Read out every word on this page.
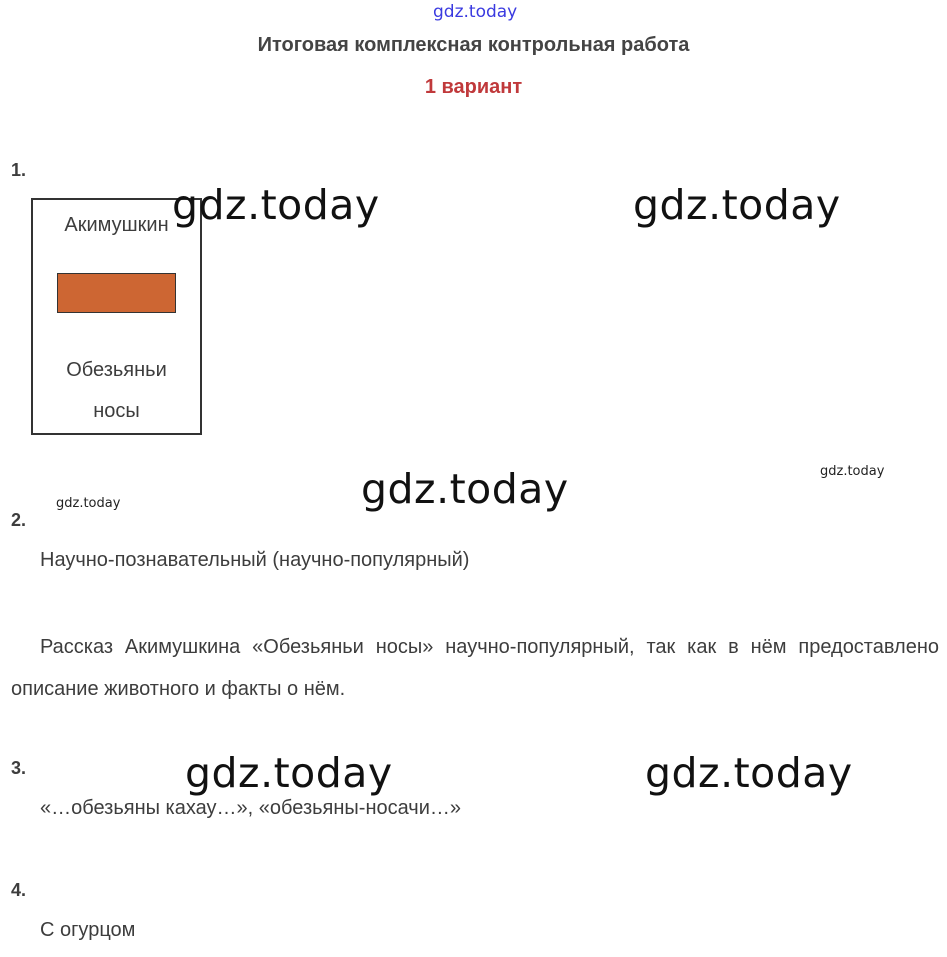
gdz.today
Итоговая комплексная контрольная работа
1 вариант
1.
Акимушкин
Обезьяньи
носы
gdz.today	gdz.today
gdz.today
gdz.today	gdz.today
gdz.today
gdz.today
2.
Научно-познавательный (научно-популярный)
Рассказ Акимушкина «Обезьяньи носы» научно-популярный, так как в нём предоставлено описание животного и факты о нём.
3.
«…обезьяны кахау…», «обезьяны-носачи…»
4.
С огурцом
